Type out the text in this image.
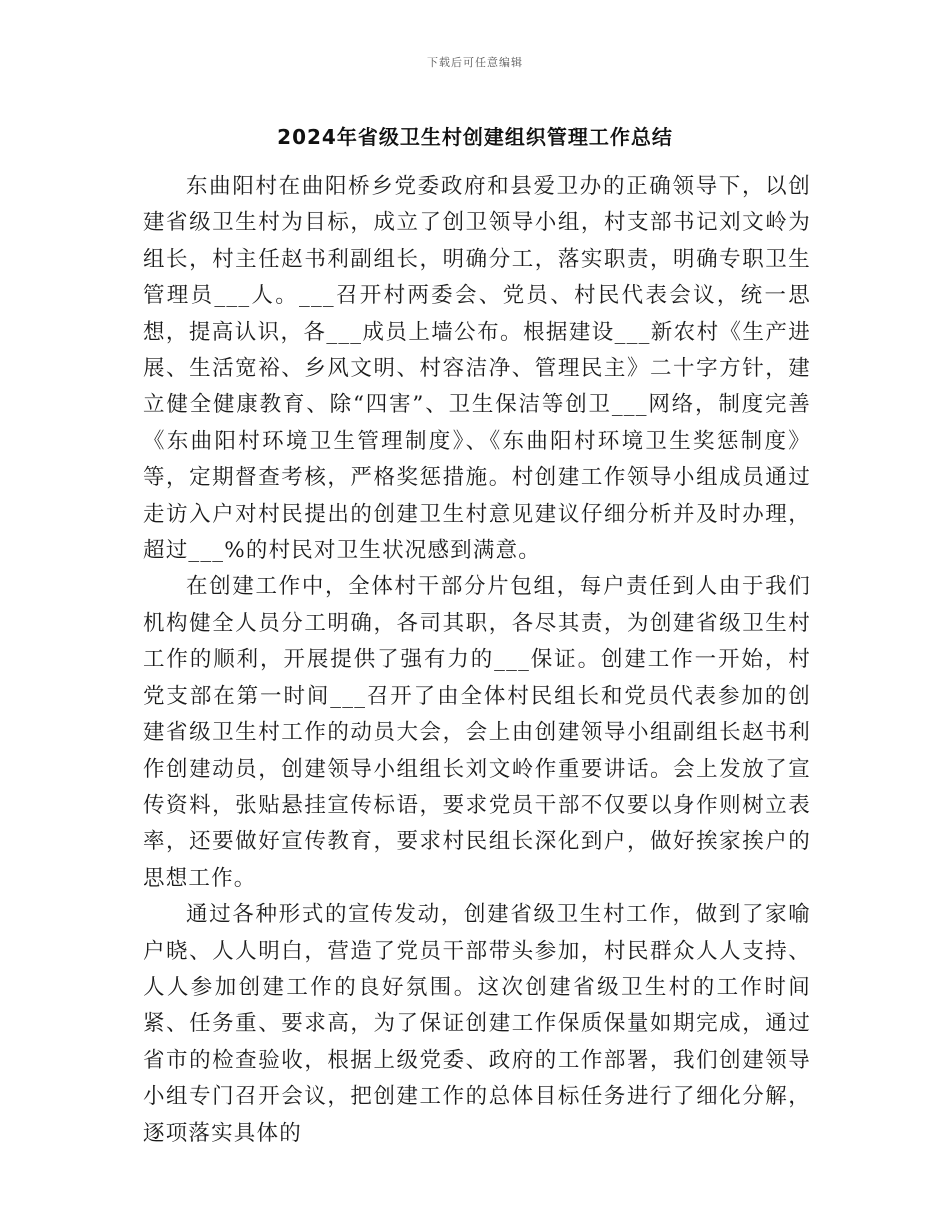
下载后可任意编辑
2024年省级卫生村创建组织管理工作总结

东曲阳村在曲阳桥乡党委政府和县爱卫办的正确领导下，以创建省级卫生村为目标，成立了创卫领导小组，村支部书记刘文岭为组长，村主任赵书利副组长，明确分工，落实职责，明确专职卫生管理员___人。___召开村两委会、党员、村民代表会议，统一思想，提高认识，各___成员上墙公布。根据建设___新农村《生产进展、生活宽裕、乡风文明、村容洁净、管理民主》二十字方针，建立健全健康教育、除“四害”、卫生保洁等创卫___网络，制度完善《东曲阳村环境卫生管理制度》、《东曲阳村环境卫生奖惩制度》等，定期督查考核，严格奖惩措施。村创建工作领导小组成员通过走访入户对村民提出的创建卫生村意见建议仔细分析并及时办理，超过___%的村民对卫生状况感到满意。

在创建工作中，全体村干部分片包组，每户责任到人由于我们机构健全人员分工明确，各司其职，各尽其责，为创建省级卫生村工作的顺利，开展提供了强有力的___保证。创建工作一开始，村党支部在第一时间___召开了由全体村民组长和党员代表参加的创建省级卫生村工作的动员大会，会上由创建领导小组副组长赵书利作创建动员，创建领导小组组长刘文岭作重要讲话。会上发放了宣传资料，张贴悬挂宣传标语，要求党员干部不仅要以身作则树立表率，还要做好宣传教育，要求村民组长深化到户，做好挨家挨户的思想工作。

通过各种形式的宣传发动，创建省级卫生村工作，做到了家喻户晓、人人明白，营造了党员干部带头参加，村民群众人人支持、人人参加创建工作的良好氛围。这次创建省级卫生村的工作时间紧、任务重、要求高，为了保证创建工作保质保量如期完成，通过省市的检查验收，根据上级党委、政府的工作部署，我们创建领导小组专门召开会议，把创建工作的总体目标任务进行了细化分解，逐项落实具体的
